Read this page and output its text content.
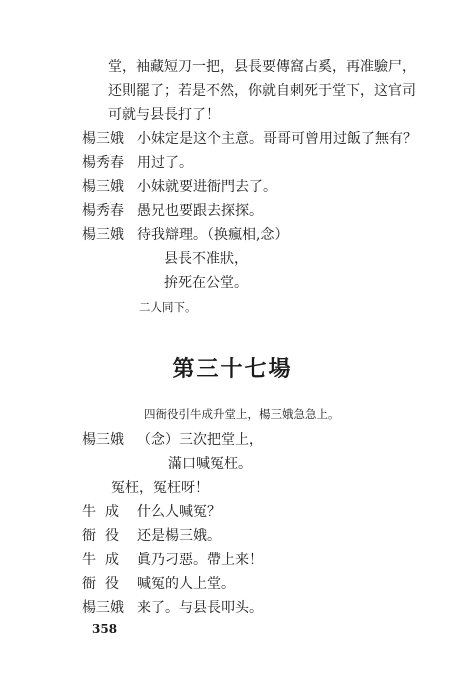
堂，袖藏短刀一把，县長要傳窩占奚，再准驗尸，
还則罷了；若是不然，你就自刺死于堂下，这官司
可就与县長打了！
楊三娥 小妹定是这个主意。哥哥可曾用过飯了無有？
楊秀春 用过了。
楊三娥 小妹就要进衙門去了。
楊秀春 愚兄也要跟去探探。
楊三娥 待我辯理。（换瘋相,念）
县長不准狀，
拚死在公堂。
二人同下。
第三十七場
四衙役引牛成升堂上，楊三娥急急上。
楊三娥 （念）三次把堂上，
滿口喊冤枉。
冤枉，冤枉呀！
牛成 什么人喊冤？
衙役 还是楊三娥。
牛成 眞乃刁惡。帶上来！
衙役 喊冤的人上堂。
楊三娥 来了。与县長叩头。
358
